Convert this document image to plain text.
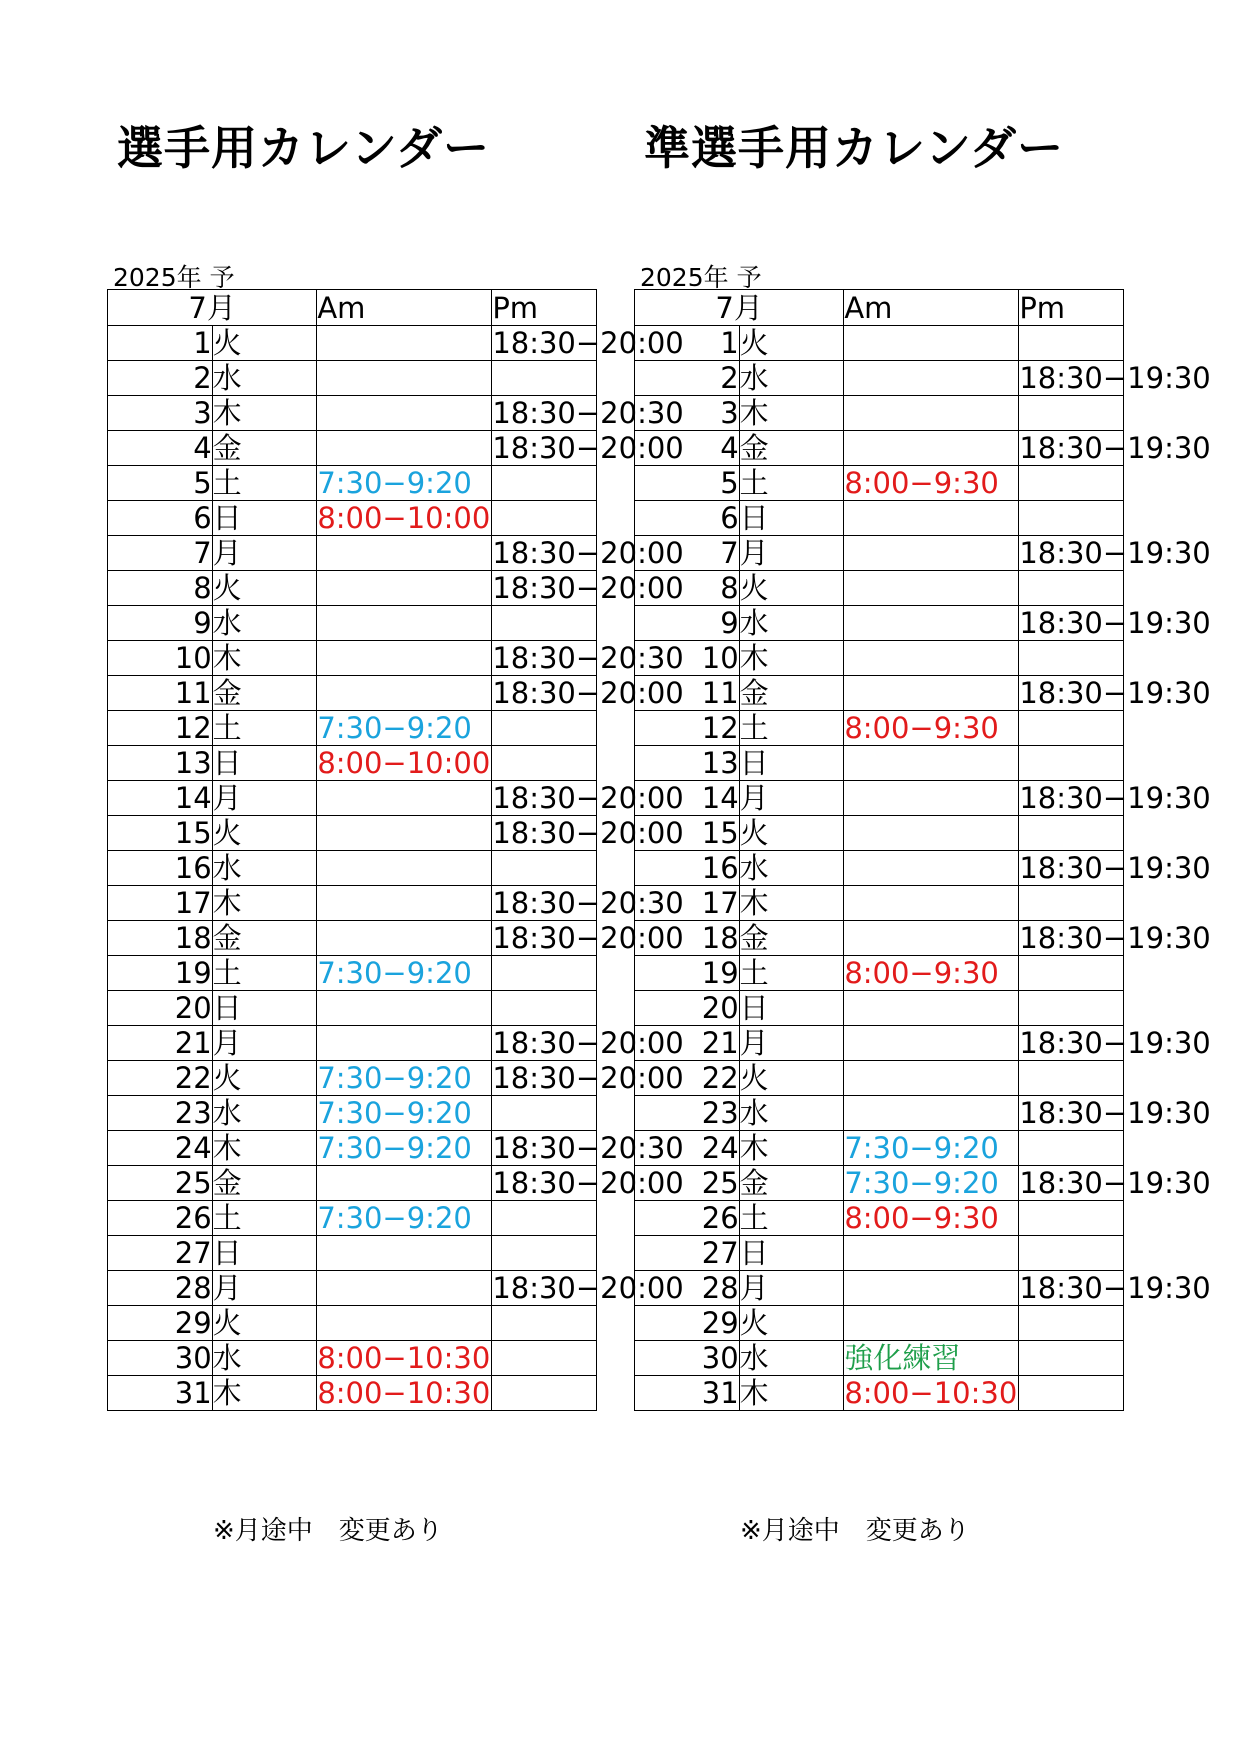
選手用カレンダー
2025年 予
7月		Am	Pm
1	火		18:30−20:00
2	水		
3	木		18:30−20:30
4	金		18:30−20:00
5	土	7:30−9:20	
6	日	8:00−10:00	
7	月		18:30−20:00
8	火		18:30−20:00
9	水		
10	木		18:30−20:30
11	金		18:30−20:00
12	土	7:30−9:20	
13	日	8:00−10:00	
14	月		18:30−20:00
15	火		18:30−20:00
16	水		
17	木		18:30−20:30
18	金		18:30−20:00
19	土	7:30−9:20	
20	日		
21	月		18:30−20:00
22	火	7:30−9:20	18:30−20:00
23	水	7:30−9:20	
24	木	7:30−9:20	18:30−20:30
25	金		18:30−20:00
26	土	7:30−9:20	
27	日		
28	月		18:30−20:00
29	火		
30	水	8:00−10:30	
31	木	8:00−10:30	
※月途中　変更あり
準選手用カレンダー
2025年 予
7月		Am	Pm
1	火		
2	水		18:30−19:30
3	木		
4	金		18:30−19:30
5	土	8:00−9:30	
6	日		
7	月		18:30−19:30
8	火		
9	水		18:30−19:30
10	木		
11	金		18:30−19:30
12	土	8:00−9:30	
13	日		
14	月		18:30−19:30
15	火		
16	水		18:30−19:30
17	木		
18	金		18:30−19:30
19	土	8:00−9:30	
20	日		
21	月		18:30−19:30
22	火		
23	水		18:30−19:30
24	木	7:30−9:20	
25	金	7:30−9:20	18:30−19:30
26	土	8:00−9:30	
27	日		
28	月		18:30−19:30
29	火		
30	水	強化練習	
31	木	8:00−10:30	
※月途中　変更あり
